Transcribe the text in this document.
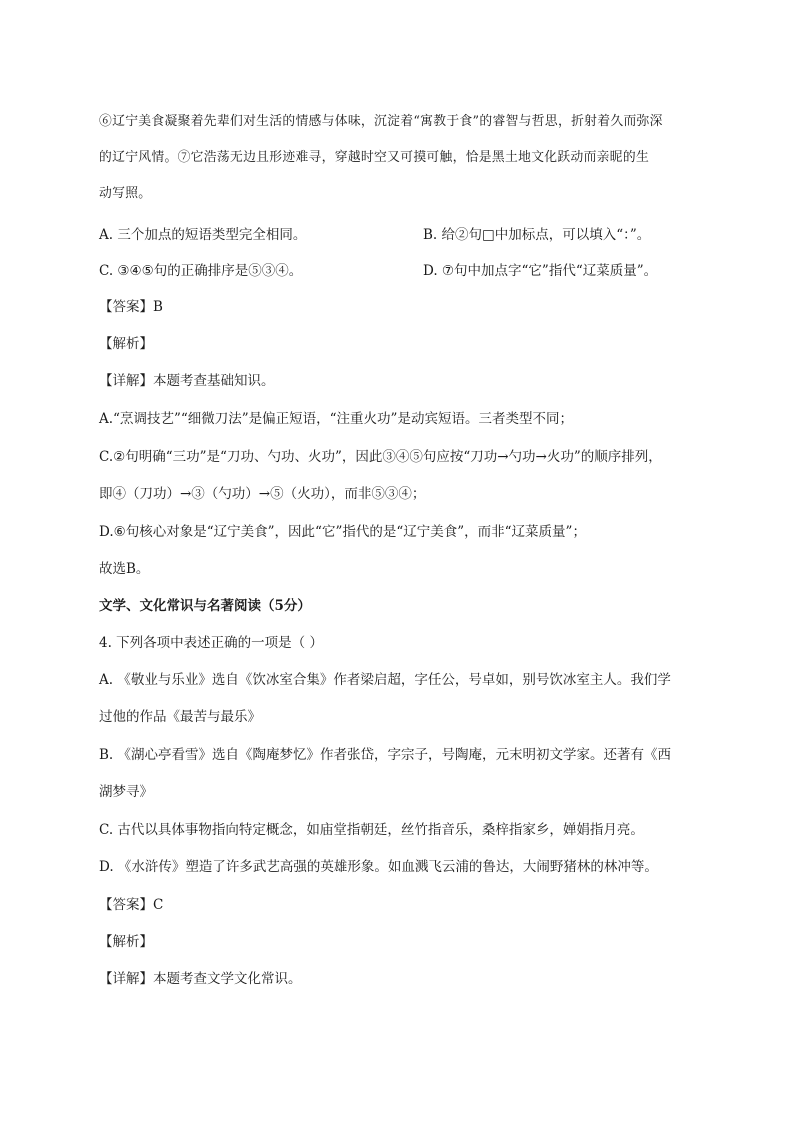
⑥辽宁美食凝聚着先辈们对生活的情感与体味，沉淀着“寓教于食”的睿智与哲思，折射着久而弥深
的辽宁风情。⑦它浩荡无边且形迹难寻，穿越时空又可摸可触，恰是黑土地文化跃动而亲昵的生
动写照。
A. 三个加点的短语类型完全相同。	B. 给②句□中加标点，可以填入“：”。
C. ③④⑤句的正确排序是⑤③④。	D. ⑦句中加点字“它”指代“辽菜质量”。
【答案】B
【解析】
【详解】本题考查基础知识。
A.“烹调技艺”“细微刀法”是偏正短语，“注重火功”是动宾短语。三者类型不同；
C.②句明确“三功”是“刀功、勺功、火功”，因此③④⑤句应按“刀功→勺功→火功”的顺序排列，
即④（刀功）→③（勺功）→⑤（火功），而非⑤③④；
D.⑥句核心对象是“辽宁美食”，因此“它”指代的是“辽宁美食”，而非“辽菜质量”；
故选B。
文学、文化常识与名著阅读（5分）
4. 下列各项中表述正确的一项是（ ）
A. 《敬业与乐业》选自《饮冰室合集》作者梁启超，字任公，号卓如，别号饮冰室主人。我们学
过他的作品《最苦与最乐》
B. 《湖心亭看雪》选自《陶庵梦忆》作者张岱，字宗子，号陶庵，元末明初文学家。还著有《西
湖梦寻》
C. 古代以具体事物指向特定概念，如庙堂指朝廷，丝竹指音乐，桑梓指家乡，婵娟指月亮。
D. 《水浒传》塑造了许多武艺高强的英雄形象。如血溅飞云浦的鲁达，大闹野猪林的林冲等。
【答案】C
【解析】
【详解】本题考查文学文化常识。
